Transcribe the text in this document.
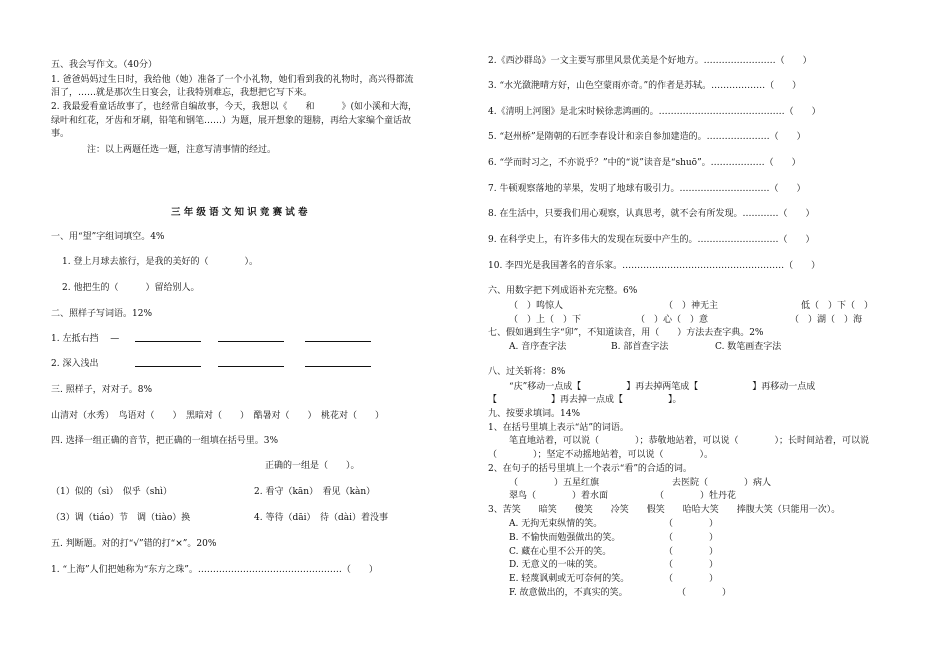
五、我会写作文。（40分）
1. 爸爸妈妈过生日时，我给他（她）准备了一个小礼物，她们看到我的礼物时，高兴得都流
泪了，……就是那次生日宴会，让我特别难忘，我想把它写下来。
2. 我最爱看童话故事了，也经常自编故事，今天，我想以《　　和　　　》(如小溪和大海，
绿叶和红花，牙齿和牙刷，铅笔和钢笔……）为题，展开想象的翅膀，再给大家编个童话故
事。
注：以上两题任选一题，注意写清事情的经过。
三年级语文知识竞赛试卷
一、用“望”字组词填空。4%
1. 登上月球去旅行，是我的美好的（　　　　）。
2. 他把生的（　　　）留给别人。
二、照样子写词语。12%
1. 左抵右挡　 —
2. 深入浅出
三. 照样子，对对子。8%
山清对（水秀）　鸟语对（　　）　黑暗对（　　）　酷暑对（　　）　桃花对（　　）
四. 选择一组正确的音节，把正确的一组填在括号里。3%
正确的一组是（　　）。
（1）似的（sì）　似乎（shì）	2. 看守（kān）　看见（kàn）
（3）调（tiáo）节　调（tiào）换	4. 等待（dāi）　待（dài）着没事
五. 判断题。对的打“√”错的打“×”。20%
1. “上海”人们把她称为“东方之珠”。…………………………………………（　　）
2.《西沙群岛》一文主要写那里风景优美是个好地方。……………………（　　）
3. “水光潋滟晴方好，山色空蒙雨亦奇。”的作者是苏轼。………………（　　）
4.《清明上河图》是北宋时候徐悲鸿画的。……………………………………（　　）
5. “赵州桥”是隋朝的石匠李春设计和亲自参加建造的。…………………（　　）
6. “学而时习之，不亦说乎？”中的“说”读音是“shuō”。………………（　　）
7. 牛顿观察落地的苹果，发明了地球有吸引力。…………………………（　　）
8. 在生活中，只要我们用心观察，认真思考，就不会有所发现。…………（　　）
9. 在科学史上，有许多伟大的发现在玩耍中产生的。………………………（　　）
10. 李四光是我国著名的音乐家。………………………………………………（　　）
六、用数字把下列成语补充完整。6%
（　）鸣惊人	（　）神无主	低（　）下（　）
（　）上（　）下	（　）心（　）意	（　）湖（　）海
七、假如遇到生字“卯”，不知道读音，用（　　）方法去查字典。2%
A. 音序查字法	B. 部首查字法	C. 数笔画查字法
八、过关斩将：8%
“庆”移动一点成【　　　　　】再去掉两笔成【　　　　　　】再移动一点成
【　　　　　　】再去掉一点成【　　　　　】。
九、按要求填词。14%
1、在括号里填上表示“站”的词语。
笔直地站着，可以说（　　　　）；恭敬地站着，可以说（　　　　）；长时间站着，可以说
（　　　　）；坚定不动摇地站着，可以说（　　　　）。
2、在句子的括号里填上一个表示“看”的合适的词。
（　　　　）五星红旗	去医院（　　　　）病人
翠鸟（　　　　）着水面	（　　　　）牡丹花
3、苦笑　　暗笑　　傻笑　　冷笑　　假笑　　哈哈大笑　　捧腹大笑（只能用一次）。
A. 无拘无束纵情的笑。	（　　　　）
B. 不愉快而勉强做出的笑。	（　　　　）
C. 藏在心里不公开的笑。	（　　　　）
D. 无意义的一味的笑。	（　　　　）
E. 轻蔑讽刺或无可奈何的笑。	（　　　　）
F. 故意做出的，不真实的笑。	（　　　　）
